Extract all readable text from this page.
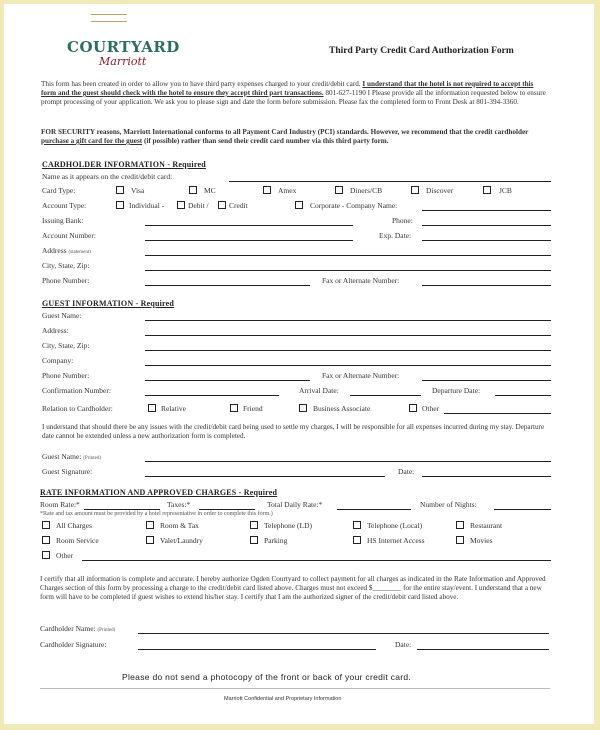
COURTYARD
Marriott
Third Party Credit Card Authorization Form
This form has been created in order to allow you to have third party expenses charged to your credit/debit card. I understand that the hotel is not required to accept this form and the guest should check with the hotel to ensure they accept third part transactions. 801-627-1190 I Please provide all the information requested below to ensure prompt processing of your application. We ask you to please sign and date the form before submission. Please fax the completed form to Front Desk at 801-394-3360.
FOR SECURITY reasons, Marriott International conforms to all Payment Card Industry (PCI) standards. However, we recommend that the credit cardholder purchase a gift card for the guest (if possible) rather than send their credit card number via this third party form.
CARDHOLDER INFORMATION - Required
Name as it appears on the credit/debit card:
Card Type:	Visa	MC	Amex	Diners/CB	Discover	JCB
Account Type:	Individual -	Debit /	Credit	Corporate - Company Name:
Issuing Bank:	Phone:
Account Number:	Exp. Date:
Address (statement)
City, State, Zip:
Phone Number:	Fax or Alternate Number:
GUEST INFORMATION - Required
Guest Name:
Address:
City, State, Zip:
Company:
Phone Number:	Fax or Alternate Number:
Confirmation Number:	Arrival Date:	Departure Date:
Relation to Cardholder:	Relative	Friend	Business Associate	Other
I understand that should there be any issues with the credit/debit card being used to settle my charges, I will be responsible for all expenses incurred during my stay. Departure date cannot be extended unless a new authorization form is completed.
Guest Name: (Printed)
Guest Signature:	Date:
RATE INFORMATION AND APPROVED CHARGES - Required
Room Rate:*	Taxes:*	Total Daily Rate:*	Number of Nights:
*Rate and tax amount must be provided by a hotel representative in order to complete this form.)
All Charges	Room & Tax	Telephone (LD)	Telephone (Local)	Restaurant
Room Service	Valet/Laundry	Parking	HS Internet Access	Movies
Other
I certify that all information is complete and accurate. I hereby authorize Ogden Courtyard to collect payment for all charges as indicated in the Rate Information and Approved Charges section of this form by processing a charge to the credit/debit card listed above. Charges must not exceed $________ for the entire stay/event. I understand that a new form will have to be completed if guest wishes to extend his/her stay. I certify that I am the authorized signer of the credit/debit card listed above.
Cardholder Name: (Printed)
Cardholder Signature:	Date:
Please do not send a photocopy of the front or back of your credit card.
Marriott Confidential and Proprietary Information
